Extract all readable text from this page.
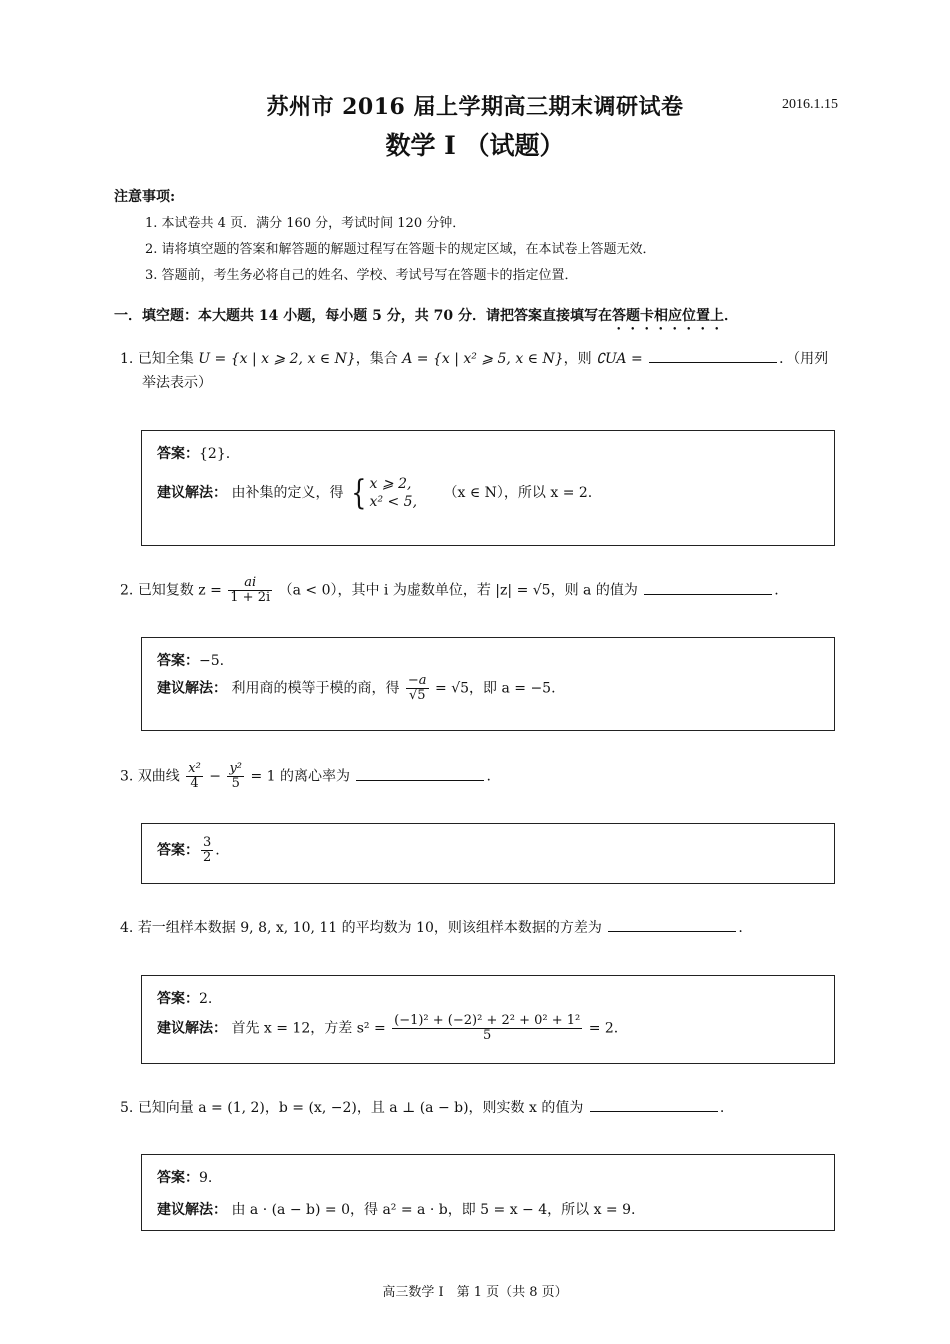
苏州市 2016 届上学期高三期末调研试卷	2016.1.15
数学 I （试题）
注意事项:
1. 本试卷共 4 页．满分 160 分，考试时间 120 分钟．
2. 请将填空题的答案和解答题的解题过程写在答题卡的规定区域，在本试卷上答题无效．
3. 答题前，考生务必将自己的姓名、学校、考试号写在答题卡的指定位置．
一．填空题：本大题共 14 小题，每小题 5 分，共 70 分．请把答案直接填写在答题卡相应位置上．
1. 已知全集 U = {x | x ⩾ 2, x ∈ N}，集合 A = {x | x² ⩾ 5, x ∈ N}，则 ∁UA =	．（用列
举法表示）
答案：{2}.
建议解法： 由补集的定义，得 { x ⩾ 2,
x² < 5,
（x ∈ N），所以 x = 2.
2. 已知复数 $z = \frac{ai}{1 + 2i} (a < 0)$，其中 i 为虚数单位，若 |z| = √5，则 a 的值为	.
答案：−5.
建议解法： 利用商的模等于模的商，得 $\frac{-a}{√5} = √5$，即 a = −5.
3. 双曲线 $\frac{\text{x²}}{4} - \frac{\text{y²}}{5} = 1$ 的离心率为	.
答案： $\frac{3}{2}$ .
4. 若一组样本数据 9, 8, x, 10, 11 的平均数为 10，则该组样本数据的方差为	.
答案：2.
建议解法： 首先 x = 12，方差 $s^2 = \frac{\text{(−1)² + (−2)² + 2² + 0² + 1²}}{5} = 2$.
5. 已知向量 a = (1, 2)，b = (x, −2)，且 a ⊥ (a − b)，则实数 x 的值为	.
答案：9.
建议解法： 由 a · (a − b) = 0，得 a² = a · b，即 5 = x − 4，所以 x = 9.
高三数学 I　第 1 页（共 8 页）
